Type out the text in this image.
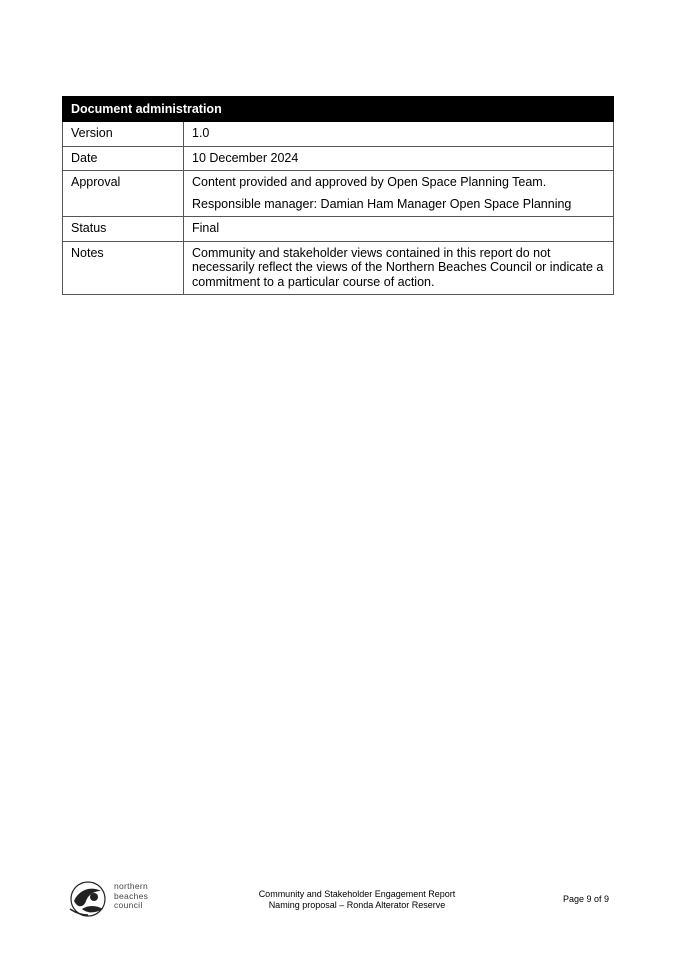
Document administration	
Version	1.0

Date	10 December 2024

Approval	Content provided and approved by Open Space Planning Team.

Responsible manager: Damian Ham Manager Open Space Planning

Status	Final

Notes	Community and stakeholder views contained in this report do not necessarily reflect the views of the Northern Beaches Council or indicate a commitment to a particular course of action.

northern
beaches
council
Community and Stakeholder Engagement Report
Naming proposal – Ronda Alterator Reserve
Page 9 of 9
